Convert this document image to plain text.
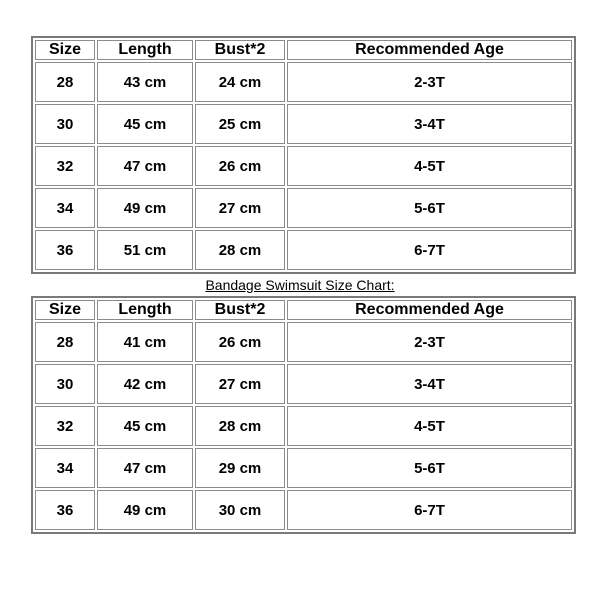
Size	Length	Bust*2	Recommended Age
28	43 cm	24 cm	2-3T
30	45 cm	25 cm	3-4T
32	47 cm	26 cm	4-5T
34	49 cm	27 cm	5-6T
36	51 cm	28 cm	6-7T
Bandage Swimsuit Size Chart:
Size	Length	Bust*2	Recommended Age
28	41 cm	26 cm	2-3T
30	42 cm	27 cm	3-4T
32	45 cm	28 cm	4-5T
34	47 cm	29 cm	5-6T
36	49 cm	30 cm	6-7T
